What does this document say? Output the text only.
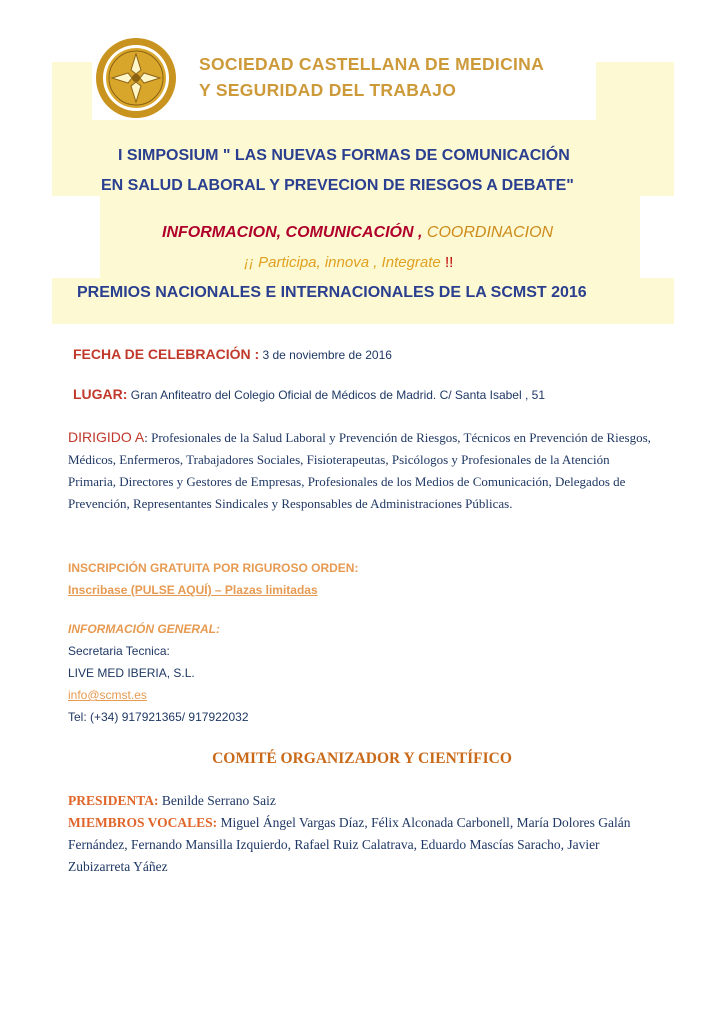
SOCIEDAD CASTELLANA DE MEDICINA
Y SEGURIDAD DEL TRABAJO
I SIMPOSIUM " LAS NUEVAS FORMAS DE COMUNICACIÓN
EN SALUD LABORAL Y PREVECION DE RIESGOS A DEBATE"
INFORMACION, COMUNICACIÓN , COORDINACION
¡¡ Participa, innova , Integrate !!
PREMIOS NACIONALES E INTERNACIONALES DE LA SCMST 2016
FECHA DE CELEBRACIÓN : 3 de noviembre de 2016
LUGAR: Gran Anfiteatro del Colegio Oficial de Médicos de Madrid. C/ Santa Isabel , 51
DIRIGIDO A: Profesionales de la Salud Laboral y Prevención de Riesgos, Técnicos en Prevención de Riesgos, Médicos, Enfermeros, Trabajadores Sociales, Fisioterapeutas, Psicólogos y Profesionales de la Atención Primaria, Directores y Gestores de Empresas, Profesionales de los Medios de Comunicación, Delegados de Prevención, Representantes Sindicales y Responsables de Administraciones Públicas.
INSCRIPCIÓN GRATUITA POR RIGUROSO ORDEN:
Inscribase (PULSE AQUÍ) – Plazas limitadas
INFORMACIÓN GENERAL:
Secretaria Tecnica:
LIVE MED IBERIA, S.L.
info@scmst.es
Tel: (+34) 917921365/ 917922032
COMITÉ ORGANIZADOR Y CIENTÍFICO
PRESIDENTA: Benilde Serrano Saiz
MIEMBROS VOCALES: Miguel Ángel Vargas Díaz, Félix Alconada Carbonell, María Dolores Galán Fernández, Fernando Mansilla Izquierdo, Rafael Ruiz Calatrava, Eduardo Mascías Saracho, Javier Zubizarreta Yáñez
